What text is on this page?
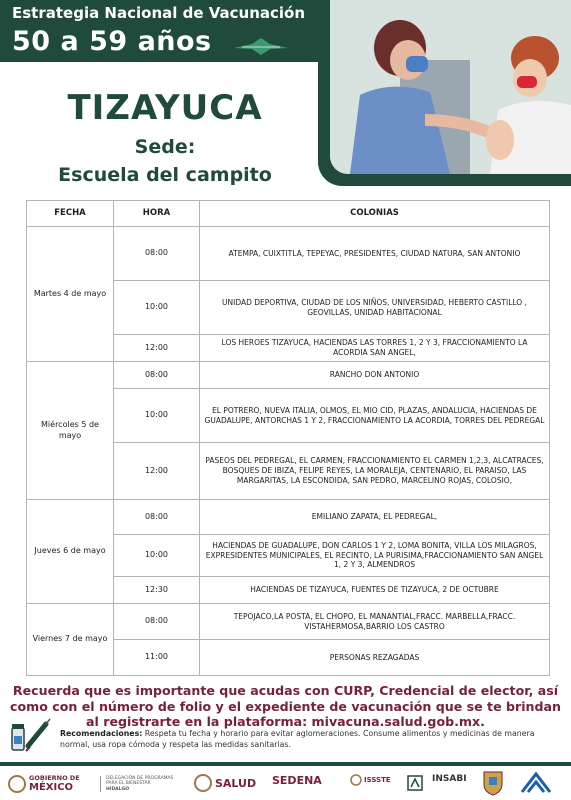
Estrategia Nacional de Vacunación
50 a 59 años
TIZAYUCA
Sede:
Escuela del campito
FECHA	HORA	COLONIAS
Martes 4 de mayo	08:00	ATEMPA, CUIXTITLA, TEPEYAC, PRESIDENTES, CIUDAD NATURA, SAN ANTONIO
	10:00	UNIDAD DEPORTIVA, CIUDAD DE LOS NIÑOS, UNIVERSIDAD, HEBERTO CASTILLO , GEOVILLAS, UNIDAD HABITACIONAL
	12:00	LOS HEROES TIZAYUCA, HACIENDAS LAS TORRES 1, 2 Y 3, FRACCIONAMIENTO LA ACORDIA SAN ANGEL,
Miércoles 5 de mayo	08:00	RANCHO DON ANTONIO
	10:00	EL POTRERO, NUEVA ITALIA, OLMOS, EL MIO CID, PLAZAS, ANDALUCIA, HACIENDAS DE GUADALUPE, ANTORCHAS 1 Y 2, FRACCIONAMIENTO LA ACORDIA, TORRES DEL PEDREGAL
	12:00	PASEOS DEL PEDREGAL, EL CARMEN, FRACCIONAMIENTO EL CARMEN 1,2,3, ALCATRACES, BOSQUES DE IBIZA, FELIPE REYES, LA MORALEJA, CENTENARIO, EL PARAISO, LAS MARGARITAS, LA ESCONDIDA, SAN PEDRO, MARCELINO ROJAS, COLOSIO,
Jueves 6 de mayo	08:00	EMILIANO ZAPATA, EL PEDREGAL,
	10:00	HACIENDAS DE GUADALUPE, DON CARLOS 1 Y 2, LOMA BONITA, VILLA LOS MILAGROS, EXPRESIDENTES MUNICIPALES, EL RECINTO, LA PURISIMA,FRACCIONAMIENTO SAN ANGEL 1, 2 Y 3, ALMENDROS
	12:30	HACIENDAS DE TIZAYUCA, FUENTES DE TIZAYUCA, 2 DE OCTUBRE
Viernes 7 de mayo	08:00	TEPOJACO,LA POSTA, EL CHOPO, EL MANANTIAL,FRACC. MARBELLA,FRACC. VISTAHERMOSA,BARRIO LOS CASTRO
	11:00	PERSONAS REZAGADAS
Recuerda que es importante que acudas con CURP, Credencial de elector, así como con el número de folio y el expediente de vacunación que se te brindan al registrarte en la plataforma: mivacuna.salud.gob.mx.
Recomendaciones: Respeta tu fecha y horario para evitar aglomeraciones. Consume alimentos y medicinas de manera normal, usa ropa cómoda y respeta las medidas sanitarias.
GOBIERNO DE
MÉXICO
DELEGACIÓN DE PROGRAMAS
PARA EL BIENESTAR
HIDALGO	SALUD SEDENA	ISSSTE	INSABI
